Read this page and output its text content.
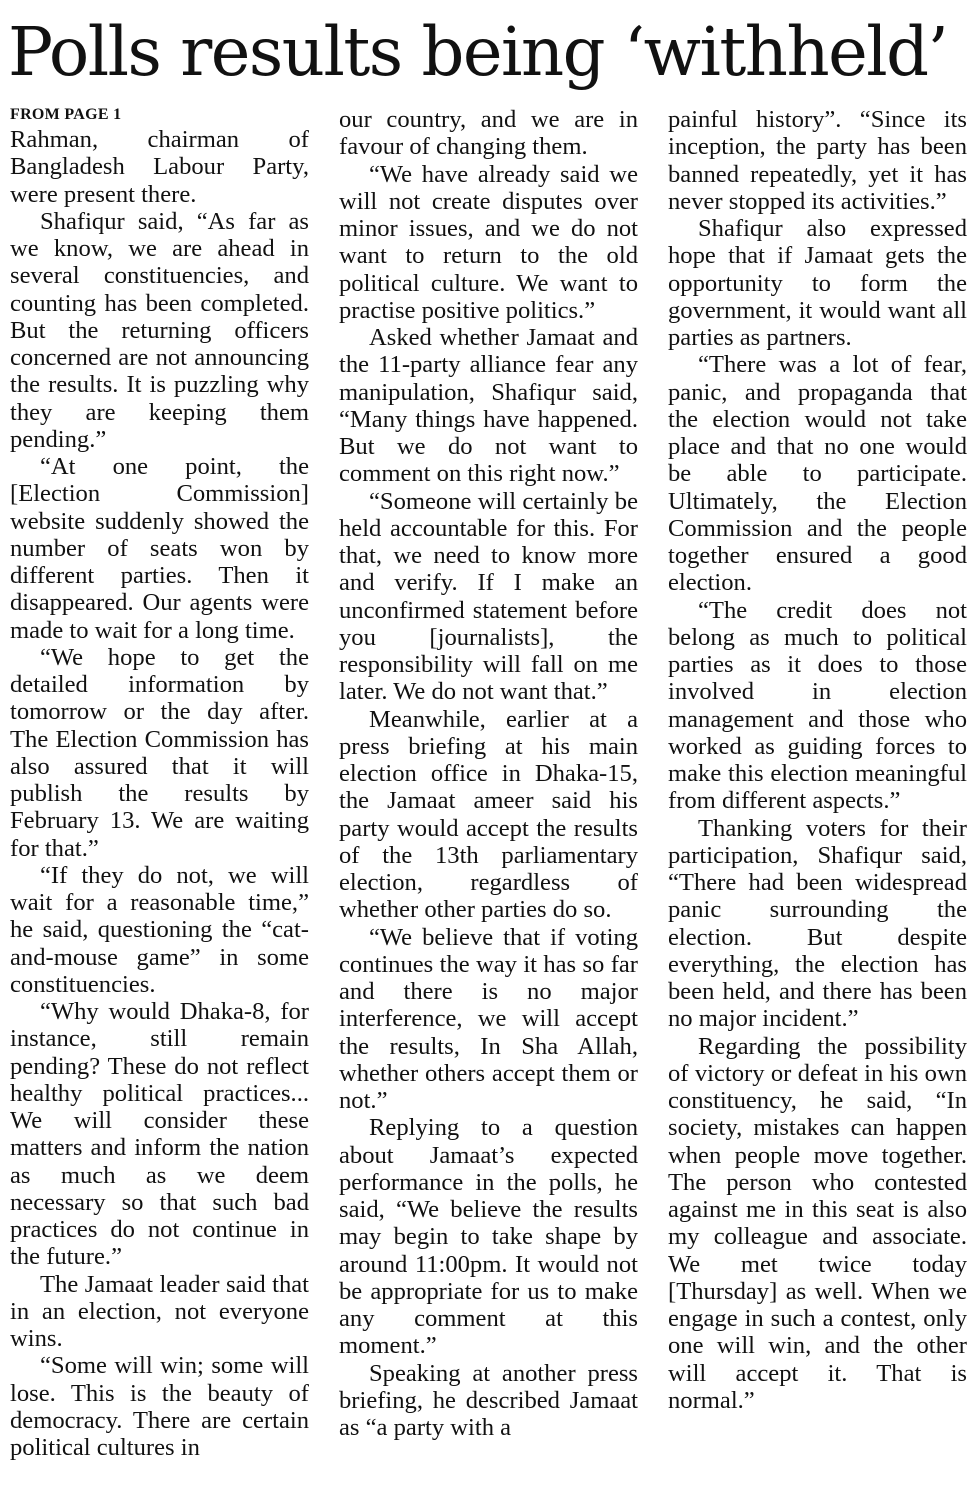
Polls results being ‘withheld’
FROM PAGE 1

Rahman, chairman of Bangladesh Labour Party, were present there.

Shafiqur said, “As far as we know, we are ahead in several constituencies, and counting has been completed. But the returning officers concerned are not announcing the results. It is puzzling why they are keeping them pending.”

“At one point, the [Election Commission] website suddenly showed the number of seats won by different parties. Then it disappeared. Our agents were made to wait for a long time.

“We hope to get the detailed information by tomorrow or the day after. The Election Commission has also assured that it will publish the results by February 13. We are waiting for that.”

“If they do not, we will wait for a reasonable time,” he said, questioning the “cat-and-mouse game” in some constituencies.

“Why would Dhaka-8, for instance, still remain pending? These do not reflect healthy political practices... We will consider these matters and inform the nation as much as we deem necessary so that such bad practices do not continue in the future.”

The Jamaat leader said that in an election, not everyone wins.

“Some will win; some will lose. This is the beauty of democracy. There are certain political cultures in

our country, and we are in favour of changing them.

“We have already said we will not create disputes over minor issues, and we do not want to return to the old political culture. We want to practise positive politics.”

Asked whether Jamaat and the 11-party alliance fear any manipulation, Shafiqur said, “Many things have happened. But we do not want to comment on this right now.”

“Someone will certainly be held accountable for this. For that, we need to know more and verify. If I make an unconfirmed statement before you [journalists], the responsibility will fall on me later. We do not want that.”

Meanwhile, earlier at a press briefing at his main election office in Dhaka-15, the Jamaat ameer said his party would accept the results of the 13th parliamentary election, regardless of whether other parties do so.

“We believe that if voting continues the way it has so far and there is no major interference, we will accept the results, In Sha Allah, whether others accept them or not.”

Replying to a question about Jamaat’s expected performance in the polls, he said, “We believe the results may begin to take shape by around 11:00pm. It would not be appropriate for us to make any comment at this moment.”

Speaking at another press briefing, he described Jamaat as “a party with a

painful history”. “Since its inception, the party has been banned repeatedly, yet it has never stopped its activities.”

Shafiqur also expressed hope that if Jamaat gets the opportunity to form the government, it would want all parties as partners.

“There was a lot of fear, panic, and propaganda that the election would not take place and that no one would be able to participate. Ultimately, the Election Commission and the people together ensured a good election.

“The credit does not belong as much to political parties as it does to those involved in election management and those who worked as guiding forces to make this election meaningful from different aspects.”

Thanking voters for their participation, Shafiqur said, “There had been widespread panic surrounding the election. But despite everything, the election has been held, and there has been no major incident.”

Regarding the possibility of victory or defeat in his own constituency, he said, “In society, mistakes can happen when people move together. The person who contested against me in this seat is also my colleague and associate. We met twice today [Thursday] as well. When we engage in such a contest, only one will win, and the other will accept it. That is normal.”
